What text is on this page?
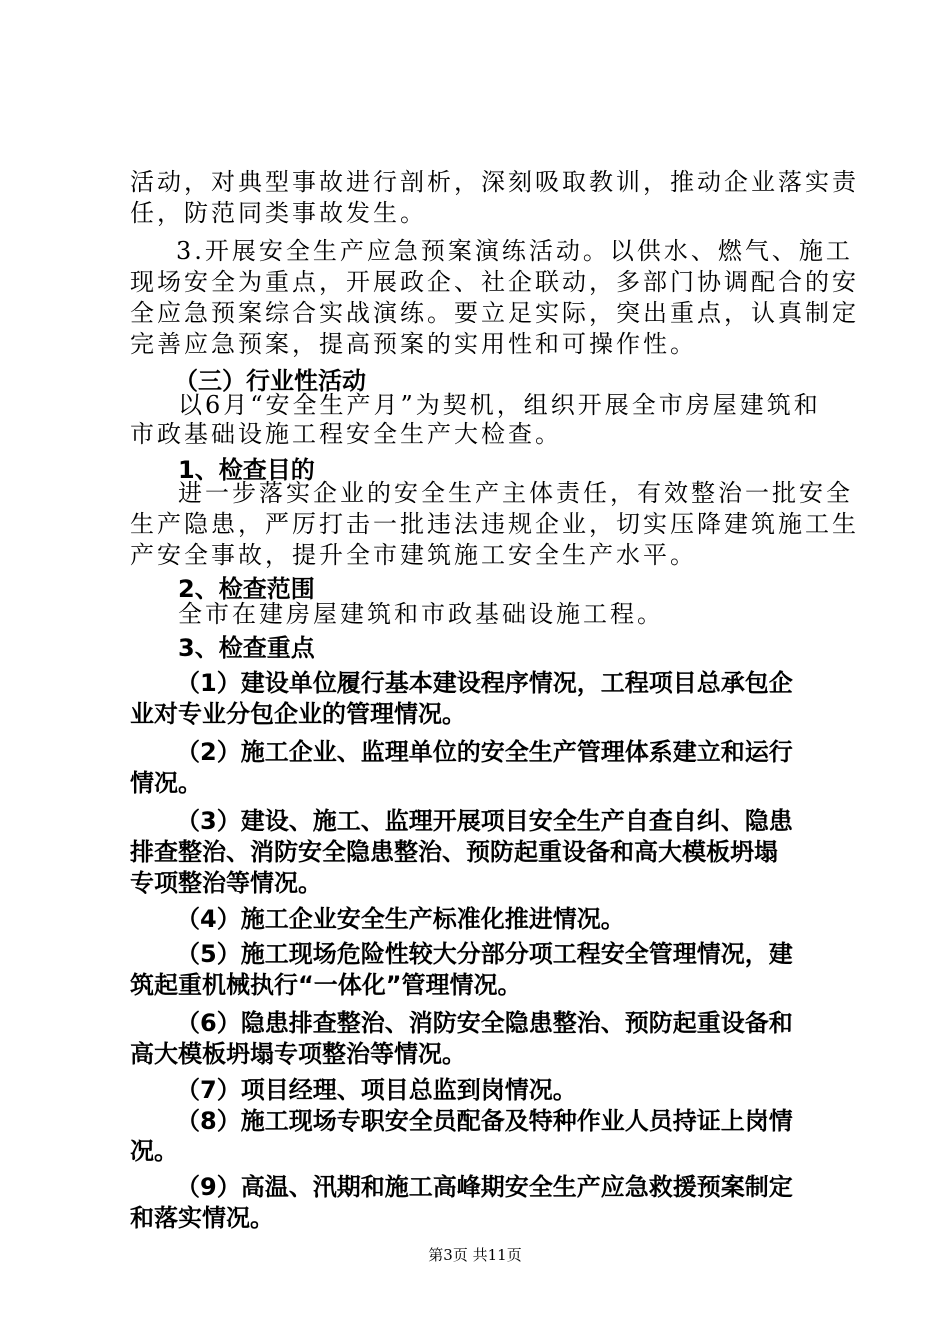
活动，对典型事故进行剖析，深刻吸取教训，推动企业落实责
任，防范同类事故发生。
3.开展安全生产应急预案演练活动。以供水、燃气、施工
现场安全为重点，开展政企、社企联动，多部门协调配合的安
全应急预案综合实战演练。要立足实际，突出重点，认真制定
完善应急预案，提高预案的实用性和可操作性。
（三）行业性活动
以6月“安全生产月”为契机，组织开展全市房屋建筑和
市政基础设施工程安全生产大检查。
1、检查目的
进一步落实企业的安全生产主体责任，有效整治一批安全
生产隐患，严厉打击一批违法违规企业，切实压降建筑施工生
产安全事故，提升全市建筑施工安全生产水平。
2、检查范围
全市在建房屋建筑和市政基础设施工程。
3、检查重点
（1）建设单位履行基本建设程序情况，工程项目总承包企
业对专业分包企业的管理情况。
（2）施工企业、监理单位的安全生产管理体系建立和运行
情况。
（3）建设、施工、监理开展项目安全生产自查自纠、隐患
排查整治、消防安全隐患整治、预防起重设备和高大模板坍塌
专项整治等情况。
（4）施工企业安全生产标准化推进情况。
（5）施工现场危险性较大分部分项工程安全管理情况，建
筑起重机械执行“一体化”管理情况。
（6）隐患排查整治、消防安全隐患整治、预防起重设备和
高大模板坍塌专项整治等情况。
（7）项目经理、项目总监到岗情况。
（8）施工现场专职安全员配备及特种作业人员持证上岗情
况。
（9）高温、汛期和施工高峰期安全生产应急救援预案制定
和落实情况。
第3页 共11页
